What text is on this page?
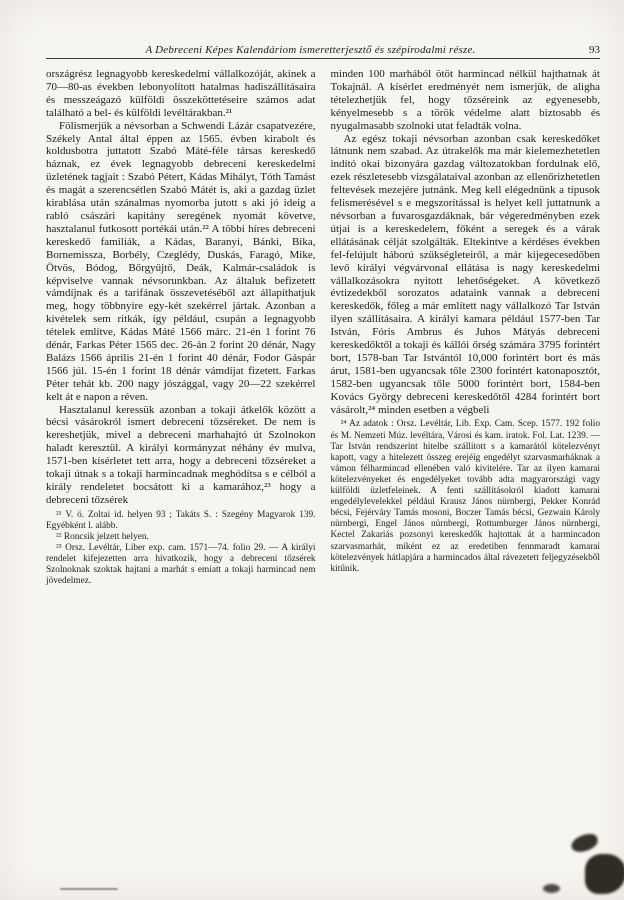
A Debreceni Képes Kalendáriom ismeretterjesztő és szépirodalmi része.	93

országrész legnagyobb kereskedelmi vállalkozóját, akinek a 70—80-as években lebonyolított hatalmas hadiszállításaira és messzeágazó külföldi összeköttetéseire számos adat található a bel- és külföldi levéltárakban.²¹

Fölismerjük a névsorban a Schwendi Lázár csapatvezére, Székely Antal által éppen az 1565. évben kirabolt és koldusbotra juttatott Szabó Máté-féle társas kereskedő háznak, ez évek legnagyobb debreceni kereskedelmi üzletének tagjait : Szabó Pétert, Kádas Mihályt, Tóth Tamást és magát a szerencsétlen Szabó Mátét is, aki a gazdag üzlet kirablása után szánalmas nyomorba jutott s aki jó ideig a rabló császári kapitány seregének nyomát követve, hasztalanul futkosott portékái után.²² A többi híres debreceni kereskedő familiák, a Kádas, Baranyi, Bánki, Bika, Bornemissza, Borbély, Czeglédy, Duskás, Faragó, Mike, Ötvös, Bódog, Bőrgyüjtő, Deák, Kalmár-családok is képviselve vannak névsorunkban. Az általuk befizetett vámdíjnak és a tarifának összevetéséből azt állapíthatjuk meg, hogy többnyire egy-két szekérrel jártak. Azonban a kivételek sem ritkák, így például, csupán a legnagyobb tételek említve, Kádas Máté 1566 márc. 21-én 1 forint 76 dénár, Farkas Péter 1565 dec. 26-án 2 forint 20 dénár, Nagy Balázs 1566 április 21-én 1 forint 40 dénár, Fodor Gáspár 1566 júl. 15-én 1 forint 18 dénár vámdíjat fizetett. Farkas Péter tehát kb. 200 nagy jószággal, vagy 20—22 szekérrel kelt át e napon a réven.

Hasztalanul keressük azonban a tokaji átkelők között a bécsi vásárokról ismert debreceni tőzséreket. De nem is kereshetjük, mivel a debreceni marhahajtó út Szolnokon haladt keresztül. A királyi kormányzat néhány év mulva, 1571-ben kísérletet tett arra, hogy a debreceni tőzséreket a tokaji útnak s a tokaji harmincadnak meghódítsa s e célból a király rendeletet bocsátott ki a kamarához,²³ hogy a debreceni tőzsérek

²¹ V. ö. Zoltai id. helyen 93 ; Takáts S. : Szegény Magyarok 139. Egyébként l. alább.

²² Roncsik jelzett helyen.

²³ Orsz. Levéltár, Liber exp. cam. 1571—74. folio 29. — A királyi rendelet kifejezetten arra hivatkozik, hogy a debreceni tőzsérek Szolnoknak szoktak hajtani a marhát s emiatt a tokaji harmincad nem jövedelmez.

minden 100 marhából ötöt harmincad nélkül hajthatnak át Tokajnál. A kísérlet eredményét nem ismerjük, de aligha tételezhetjük fel, hogy tőzséreink az egyenesebb, kényelmesebb s a török védelme alatt biztosabb és nyugalmasabb szolnoki utat feladták volna.

Az egész tokaji névsorban azonban csak kereskedőket látnunk nem szabad. Az útrakelők ma már kielemezhetetlen indító okai bizonyára gazdag változatokban fordulnak elő, ezek részletesebb vizsgálataival azonban az ellenőrizhetetlen feltevések mezejére jutnánk. Meg kell elégednünk a típusok felismerésével s e megszorítással is helyet kell juttatnunk a névsorban a fuvarosgazdáknak, bár végeredményben ezek útjai is a kereskedelem, főként a seregek és a várak ellátásának célját szolgálták. Eltekintve a kérdéses években fel-felújult háború szükségleteiről, a már kijegecesedőben levő királyi végvárvonal ellátása is nagy kereskedelmi vállalkozásokra nyitott lehetőségeket. A következő évtizedekből sorozatos adataink vannak a debreceni kereskedők, főleg a már említett nagy vállalkozó Tar István ilyen szállításaira. A királyi kamara például 1577-ben Tar István, Fóris Ambrus és Juhos Mátyás debreceni kereskedőktől a tokaji és kállói őrség számára 3795 forintért bort, 1578-ban Tar Istvántól 10,000 forintért bort és más árut, 1581-ben ugyancsak tőle 2300 forintért katonaposztót, 1582-ben ugyancsak tőle 5000 forintért bort, 1584-ben Kovács György debreceni kereskedőtől 4284 forintért bort vásárolt,²⁴ minden esetben a végbeli

²⁴ Az adatok : Orsz. Levéltár, Lib. Exp. Cam. Scep. 1577. 192 folio és M. Nemzeti Múz. levéltára, Városi és kam. iratok. Fol. Lat. 1239. — Tar István rendszerint hitelbe szállított s a kamarától kötelezvényt kapott, vagy a hitelezett összeg erejéig engedélyt szarvasmarháknak a vámon félharmincad ellenében való kivitelére. Tar az ilyen kamarai kötelezvényeket és engedélyeket tovább adta magyarországi vagy külföldi üzletfeleinek. A fenti szállításokról kiadott kamarai engedélylevelekkel például Krausz János nürnbergi, Pekker Konrád bécsi, Fejérváry Tamás mosoni, Boczer Tamás bécsi, Gezwain Károly nürnbergi, Engel János nürnbergi, Rottumburger János nürnbergi, Kectel Zakariás pozsonyi kereskedők hajtottak át a harmincadon szarvasmarhát, miként ez az eredetiben fennmaradt kamarai kötelezvények hátlapjára a harmincados által rávezetett feljegyzésekből kitűnik.
